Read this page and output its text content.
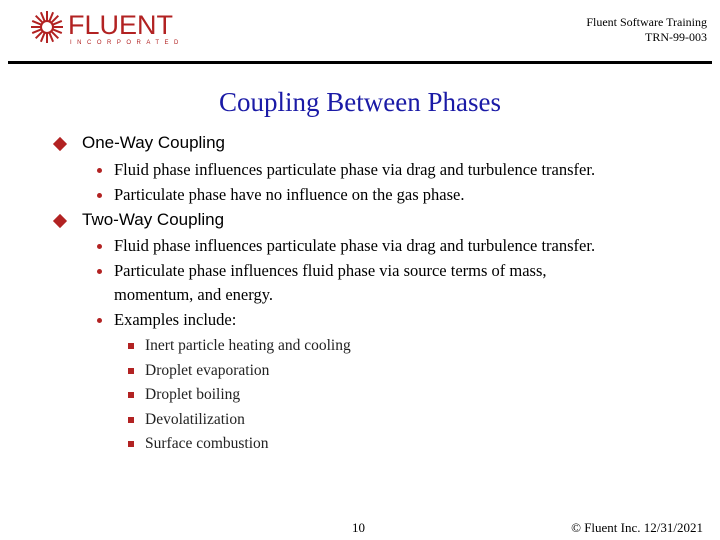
FLUENT
INCORPORATED
Fluent Software Training
TRN-99-003
Coupling Between Phases
One-Way Coupling
Fluid phase influences particulate phase via drag and turbulence transfer.
Particulate phase have no influence on the gas phase.
Two-Way Coupling
Fluid phase influences particulate phase via drag and turbulence transfer.
Particulate phase influences fluid phase via source terms of mass,
momentum, and energy.
Examples include:
Inert particle heating and cooling
Droplet evaporation
Droplet boiling
Devolatilization
Surface combustion
10	© Fluent Inc. 12/31/2021
